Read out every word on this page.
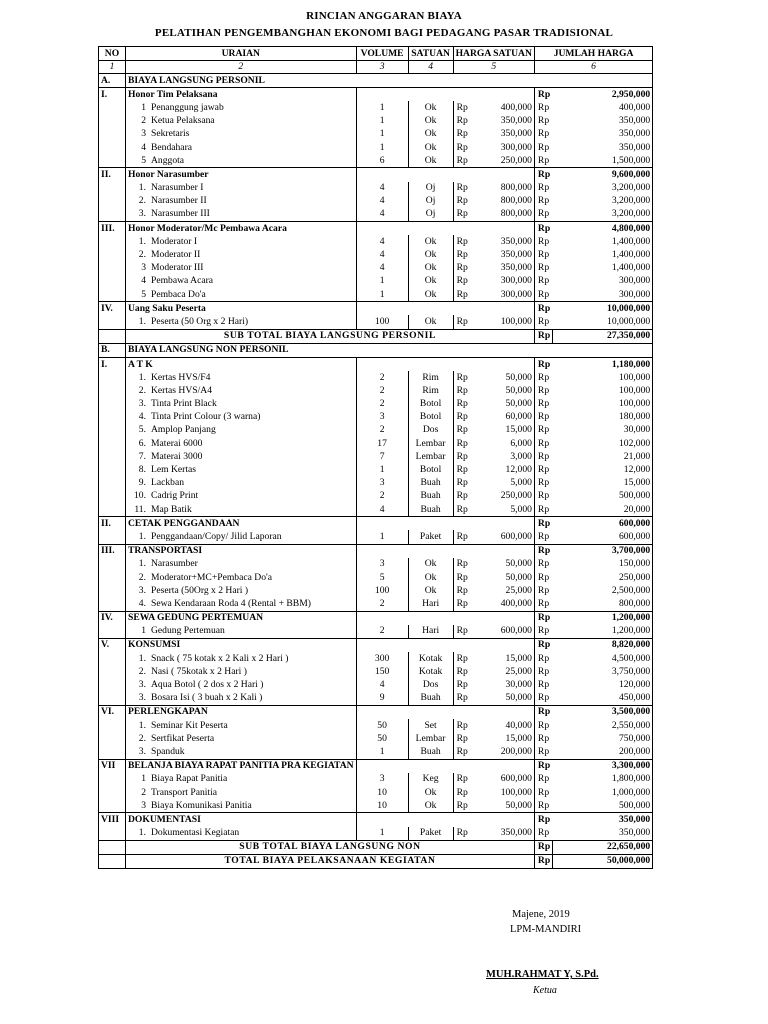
RINCIAN ANGGARAN BIAYA
PELATIHAN PENGEMBANGHAN EKONOMI BAGI PEDAGANG PASAR TRADISIONAL
NO	URAIAN	VOLUME	SATUAN	HARGA SATUAN		JUMLAH HARGA	
1	2	3	4	5		6	
A.	BIAYA LANGSUNG PERSONIL						
I.	Honor Tim Pelaksana					Rp	2,950,000
	1 Penanggung jawab	1	Ok	Rp	400,000	Rp	400,000
	2 Ketua Pelaksana	1	Ok	Rp	350,000	Rp	350,000
	3 Sekretaris	1	Ok	Rp	350,000	Rp	350,000
	4 Bendahara	1	Ok	Rp	300,000	Rp	350,000
	5 Anggota	6	Ok	Rp	250,000	Rp	1,500,000
II.	Honor Narasumber					Rp	9,600,000
	1. Narasumber I	4	Oj	Rp	800,000	Rp	3,200,000
	2. Narasumber II	4	Oj	Rp	800,000	Rp	3,200,000
	3. Narasumber III	4	Oj	Rp	800,000	Rp	3,200,000
III.	Honor Moderator/Mc Pembawa Acara					Rp	4,800,000
	1. Moderator I	4	Ok	Rp	350,000	Rp	1,400,000
	2. Moderator II	4	Ok	Rp	350,000	Rp	1,400,000
	3 Moderator III	4	Ok	Rp	350,000	Rp	1,400,000
	4 Pembawa Acara	1	Ok	Rp	300,000	Rp	300,000
	5 Pembaca Do'a	1	Ok	Rp	300,000	Rp	300,000
IV.	Uang Saku Peserta					Rp	10,000,000
	1. Peserta (50 Org x 2 Hari)	100	Ok	Rp	100,000	Rp	10,000,000
	SUB TOTAL BIAYA LANGSUNG PERSONIL					Rp	27,350,000
B.	BIAYA LANGSUNG NON PERSONIL						
I.	A T K					Rp	1,180,000
	1. Kertas HVS/F4	2	Rim	Rp	50,000	Rp	100,000
	2. Kertas HVS/A4	2	Rim	Rp	50,000	Rp	100,000
	3. Tinta Print Black	2	Botol	Rp	50,000	Rp	100,000
	4. Tinta Print Colour (3 warna)	3	Botol	Rp	60,000	Rp	180,000
	5. Amplop Panjang	2	Dos	Rp	15,000	Rp	30,000
	6. Materai 6000	17	Lembar	Rp	6,000	Rp	102,000
	7. Materai 3000	7	Lembar	Rp	3,000	Rp	21,000
	8. Lem Kertas	1	Botol	Rp	12,000	Rp	12,000
	9. Lackban	3	Buah	Rp	5,000	Rp	15,000
	10. Cadrig Print	2	Buah	Rp	250,000	Rp	500,000
	11. Map Batik	4	Buah	Rp	5,000	Rp	20,000
II.	CETAK PENGGANDAAN					Rp	600,000
	1. Penggandaan/Copy/ Jilid Laporan	1	Paket	Rp	600,000	Rp	600,000
III.	TRANSPORTASI					Rp	3,700,000
	1. Narasumber	3	Ok	Rp	50,000	Rp	150,000
	2. Moderator+MC+Pembaca Do'a	5	Ok	Rp	50,000	Rp	250,000
	3. Peserta (50Org x 2 Hari )	100	Ok	Rp	25,000	Rp	2,500,000
	4. Sewa Kendaraan Roda 4 (Rental + BBM)	2	Hari	Rp	400,000	Rp	800,000
IV.	SEWA GEDUNG PERTEMUAN					Rp	1,200,000
	1 Gedung Pertemuan	2	Hari	Rp	600,000	Rp	1,200,000
V.	KONSUMSI					Rp	8,820,000
	1. Snack ( 75 kotak x 2 Kali x 2 Hari )	300	Kotak	Rp	15,000	Rp	4,500,000
	2. Nasi ( 75kotak x 2 Hari )	150	Kotak	Rp	25,000	Rp	3,750,000
	3. Aqua Botol ( 2 dos x 2 Hari )	4	Dos	Rp	30,000	Rp	120,000
	3. Bosara Isi ( 3 buah x 2 Kali )	9	Buah	Rp	50,000	Rp	450,000
VI.	PERLENGKAPAN					Rp	3,500,000
	1. Seminar Kit Peserta	50	Set	Rp	40,000	Rp	2,550,000
	2. Sertfikat Peserta	50	Lembar	Rp	15,000	Rp	750,000
	3. Spanduk	1	Buah	Rp	200,000	Rp	200,000
VII	BELANJA BIAYA RAPAT PANITIA PRA KEGIATAN					Rp	3,300,000
	1 Biaya Rapat Panitia	3	Keg	Rp	600,000	Rp	1,800,000
	2 Transport Panitia	10	Ok	Rp	100,000	Rp	1,000,000
	3 Biaya Komunikasi Panitia	10	Ok	Rp	50,000	Rp	500,000
VIII	DOKUMENTASI					Rp	350,000
	1. Dokumentasi Kegiatan	1	Paket	Rp	350,000	Rp	350,000
	SUB TOTAL BIAYA LANGSUNG NON					Rp	22,650,000
	TOTAL BIAYA PELAKSANAAN KEGIATAN					Rp	50,000,000
Majene, 2019
LPM-MANDIRI
MUH.RAHMAT Y, S.Pd.
Ketua
